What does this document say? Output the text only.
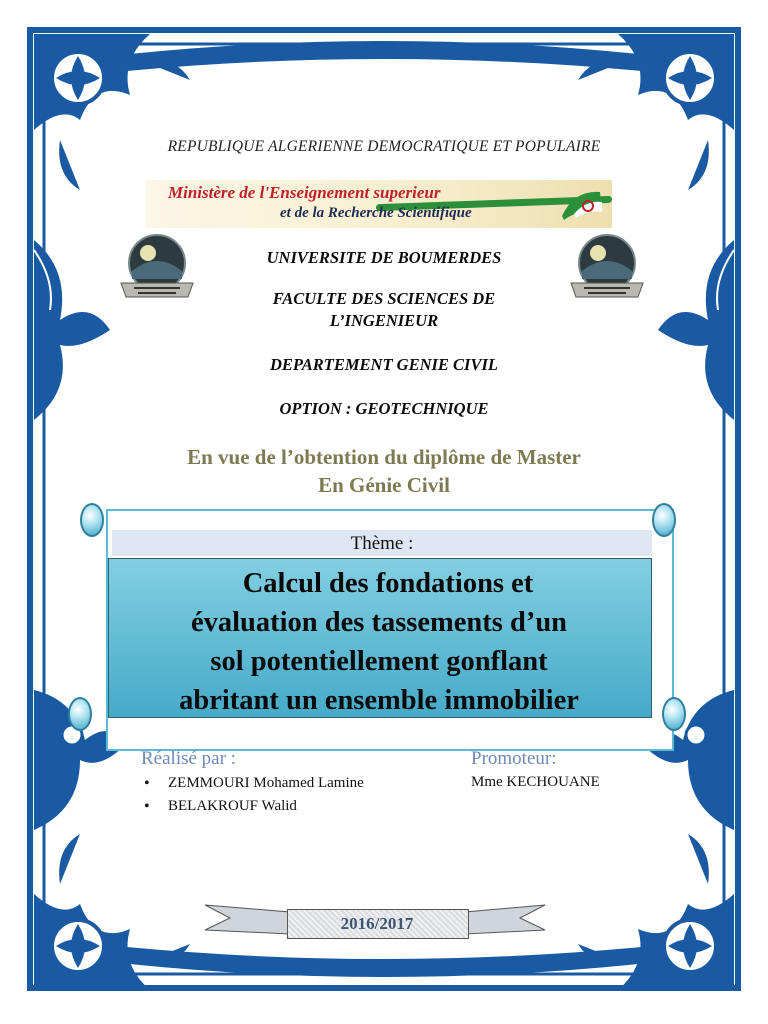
REPUBLIQUE ALGERIENNE DEMOCRATIQUE ET POPULAIRE
Ministère de l'Enseignement superieur
et de la Recherche Scientifique
UNIVERSITE DE BOUMERDES
FACULTE DES SCIENCES DE
L’INGENIEUR
DEPARTEMENT GENIE CIVIL
OPTION : GEOTECHNIQUE
En vue de l’obtention du diplôme de Master
En Génie Civil
Thème :
Calcul des fondations et
évaluation des tassements d’un
sol potentiellement gonflant
abritant un ensemble immobilier
Réalisé par :	Promoteur:
• ZEMMOURI Mohamed Lamine
• BELAKROUF Walid
Mme KECHOUANE
2016/2017
